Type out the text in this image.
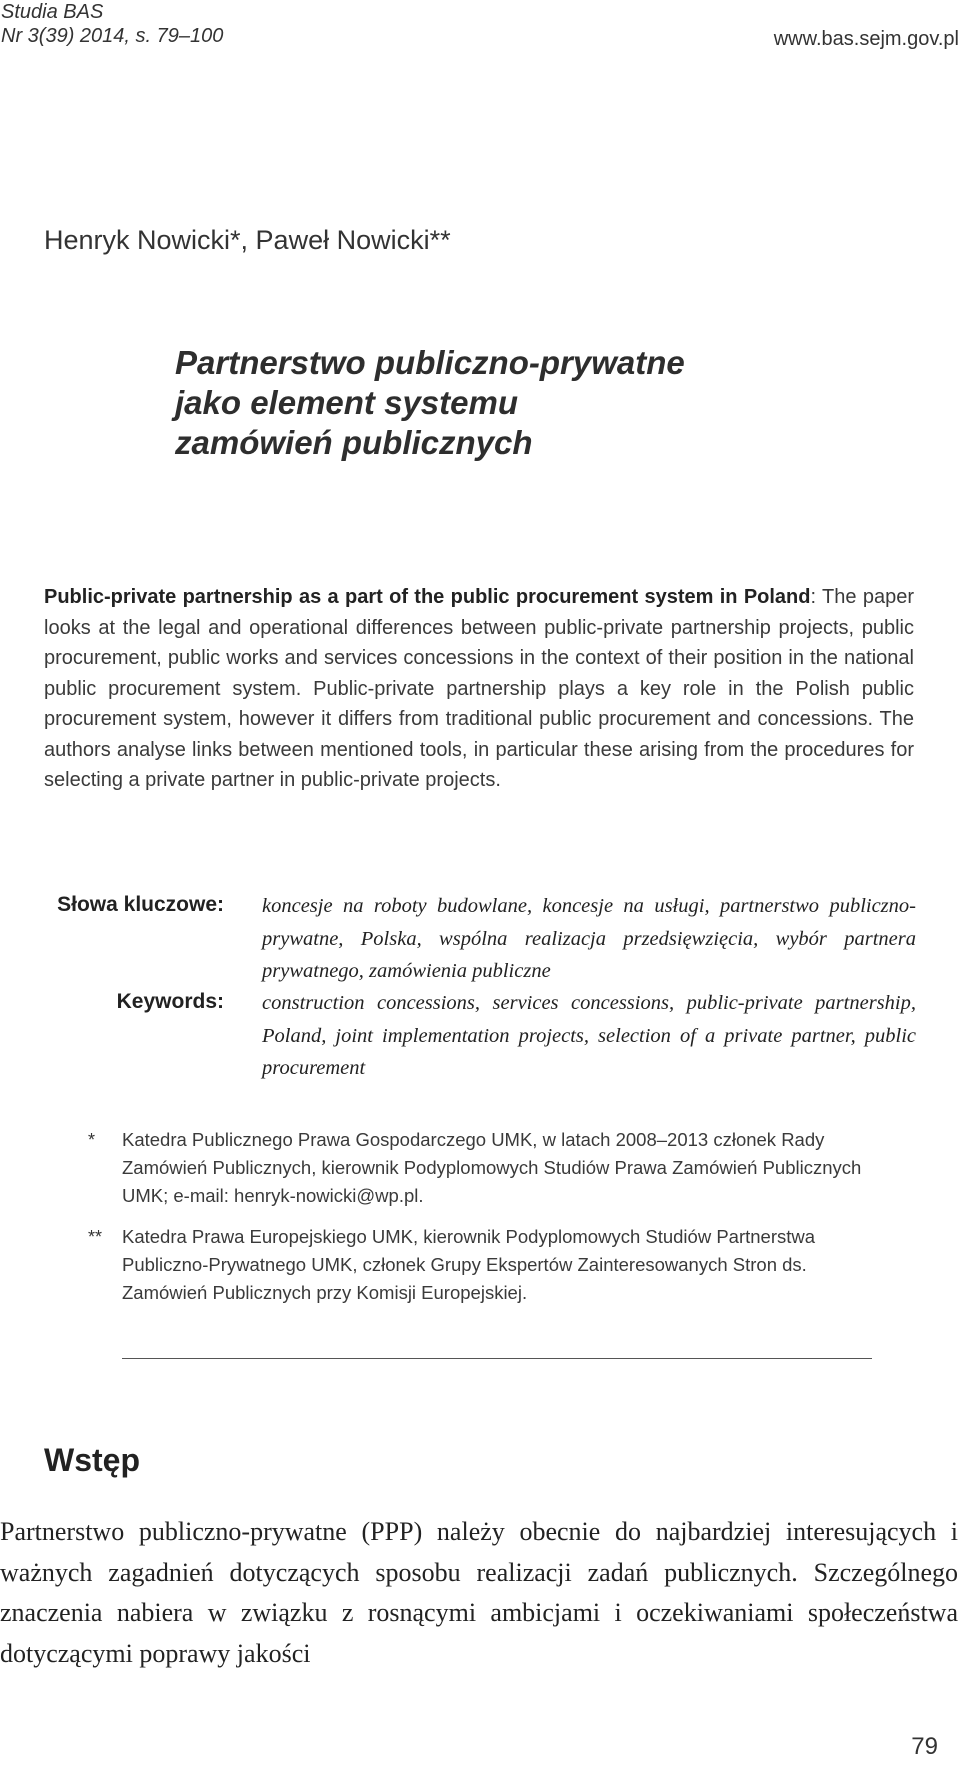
Studia BAS
Nr 3(39) 2014, s. 79–100	www.bas.sejm.gov.pl
Henryk Nowicki*, Paweł Nowicki**
Partnerstwo publiczno-prywatne
jako element systemu
zamówień publicznych
Public-private partnership as a part of the public procurement system in Poland: The paper looks at the legal and operational differences between public-private partnership projects, public procurement, public works and services concessions in the context of their position in the national public procurement system. Public-private partnership plays a key role in the Polish public procurement system, however it differs from traditional public procurement and concessions. The authors analyse links between mentioned tools, in particular these arising from the procedures for selecting a private partner in public-private projects.
Słowa kluczowe: koncesje na roboty budowlane, koncesje na usługi, partnerstwo publiczno-prywatne, Polska, wspólna realizacja przedsięwzięcia, wybór partnera prywatnego, zamówienia publiczne
Keywords: construction concessions, services concessions, public-private partnership, Poland, joint implementation projects, selection of a private partner, public procurement
* Katedra Publicznego Prawa Gospodarczego UMK, w latach 2008–2013 członek Rady Zamówień Publicznych, kierownik Podyplomowych Studiów Prawa Zamówień Publicznych UMK; e-mail: henryk-nowicki@wp.pl.
** Katedra Prawa Europejskiego UMK, kierownik Podyplomowych Studiów Partnerstwa Publiczno-Prywatnego UMK, członek Grupy Ekspertów Zainteresowanych Stron ds. Zamówień Publicznych przy Komisji Europejskiej.
Wstęp
Partnerstwo publiczno-prywatne (PPP) należy obecnie do najbardziej interesujących i ważnych zagadnień dotyczących sposobu realizacji zadań publicznych. Szczególnego znaczenia nabiera w związku z rosnącymi ambicjami i oczekiwaniami społeczeństwa dotyczącymi poprawy jakości
79
